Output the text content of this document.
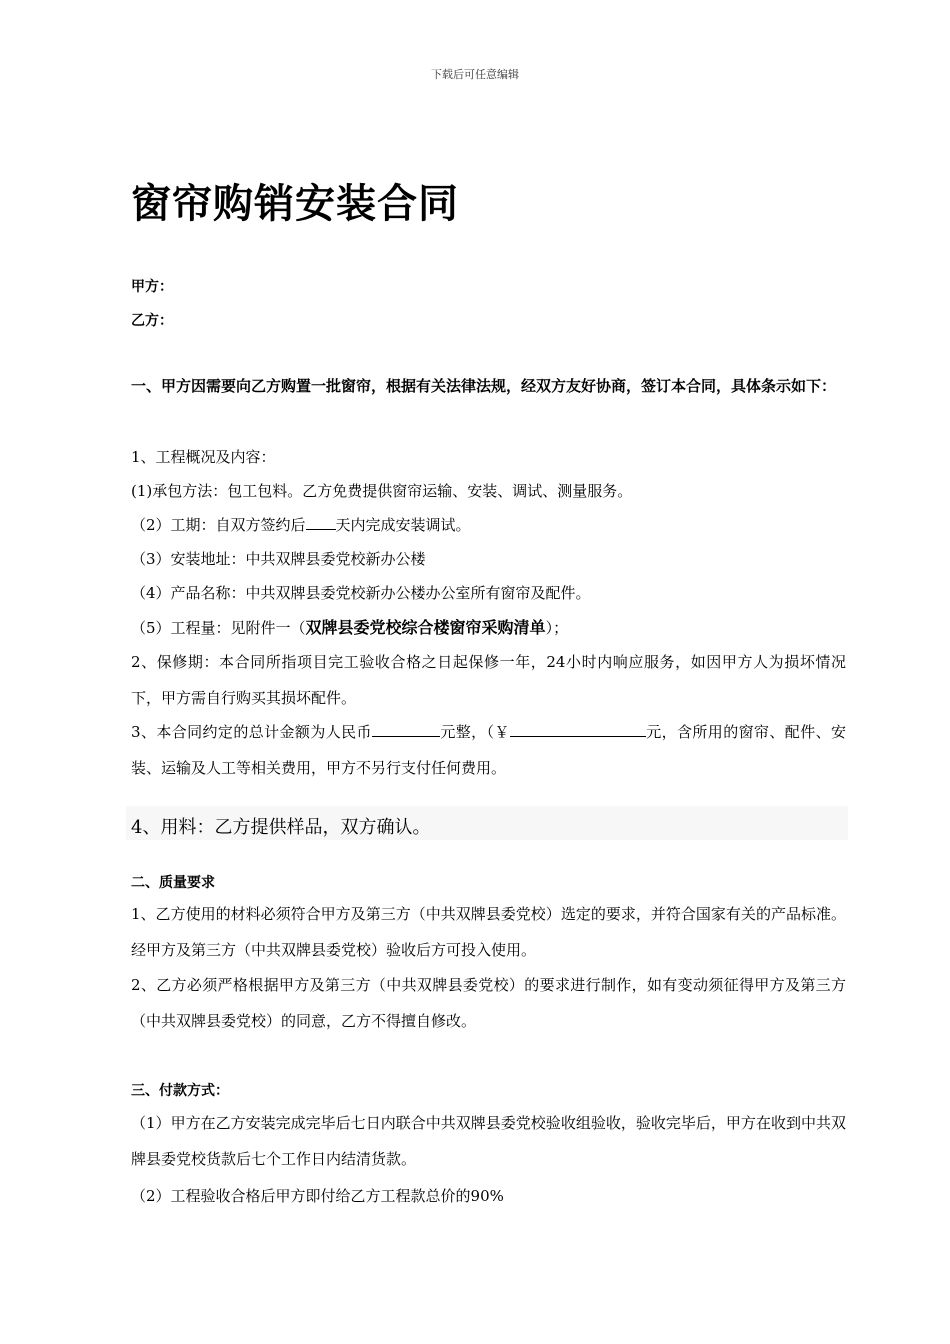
下载后可任意编辑
窗帘购销安装合同
甲方：
乙方：
一、甲方因需要向乙方购置一批窗帘，根据有关法律法规，经双方友好协商，签订本合同，具体条示如下：
1、工程概况及内容：
(1)承包方法：包工包料。乙方免费提供窗帘运输、安装、调试、测量服务。
（2）工期：自双方签约后 天内完成安装调试。
（3）安装地址：中共双牌县委党校新办公楼
（4）产品名称：中共双牌县委党校新办公楼办公室所有窗帘及配件。
（5）工程量：见附件一（双牌县委党校综合楼窗帘采购清单）；
2、保修期：本合同所指项目完工验收合格之日起保修一年，24小时内响应服务，如因甲方人为损坏情况下，甲方需自行购买其损坏配件。
3、本合同约定的总计金额为人民币	元整，（￥	元，含所用的窗帘、配件、安装、运输及人工等相关费用，甲方不另行支付任何费用。
4、用料：乙方提供样品，双方确认。
二、质量要求
1、乙方使用的材料必须符合甲方及第三方（中共双牌县委党校）选定的要求，并符合国家有关的产品标准。经甲方及第三方（中共双牌县委党校）验收后方可投入使用。
2、乙方必须严格根据甲方及第三方（中共双牌县委党校）的要求进行制作，如有变动须征得甲方及第三方（中共双牌县委党校）的同意，乙方不得擅自修改。
三、付款方式：
（1）甲方在乙方安装完成完毕后七日内联合中共双牌县委党校验收组验收，验收完毕后，甲方在收到中共双牌县委党校货款后七个工作日内结清货款。
（2）工程验收合格后甲方即付给乙方工程款总价的90%
